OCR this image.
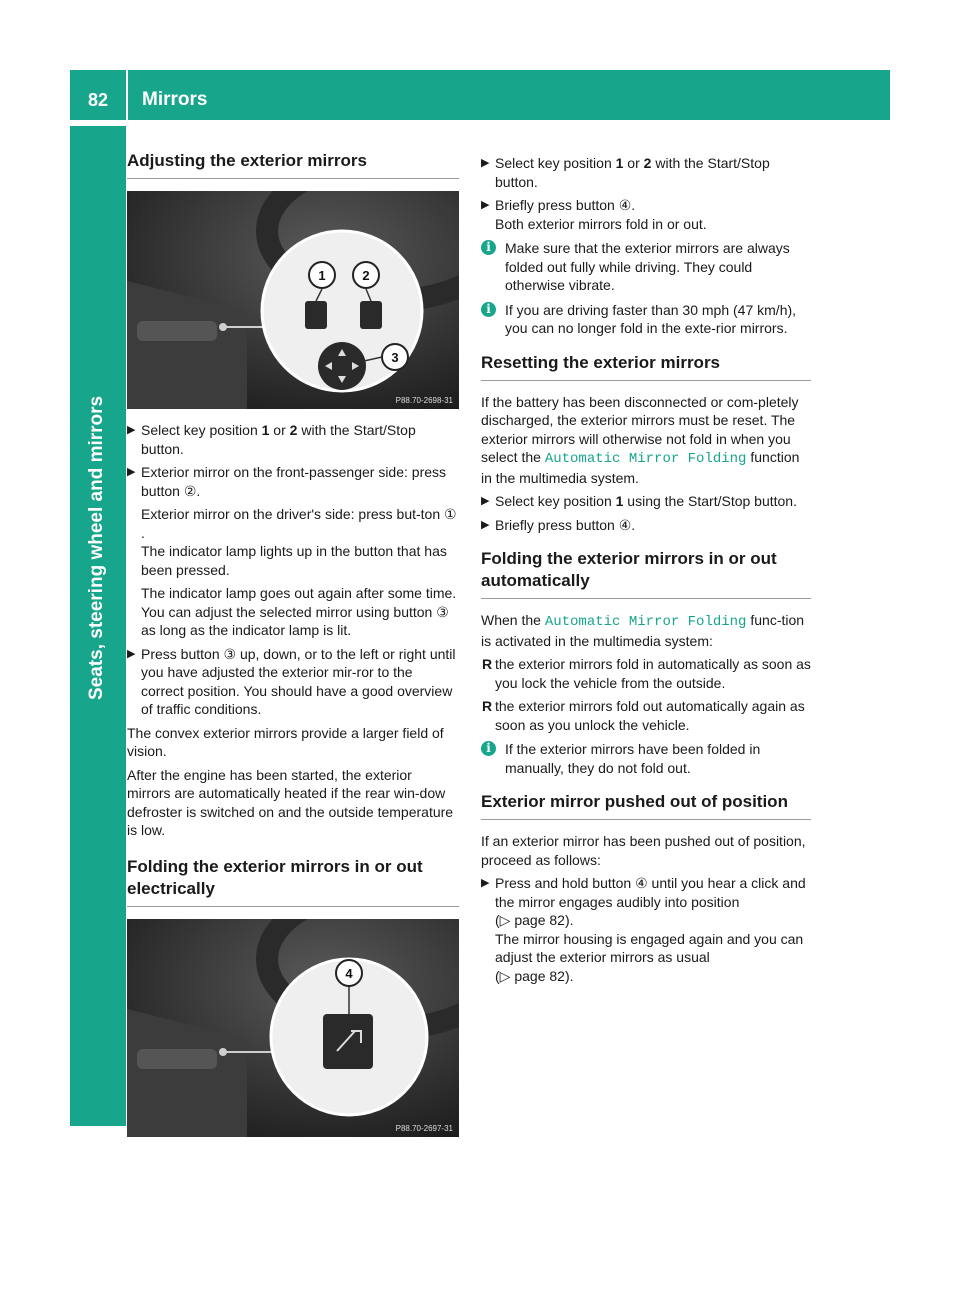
82	Mirrors
Seats, steering wheel and mirrors
Adjusting the exterior mirrors
1	2
3
P88.70-2698-31
▶ Select key position 1 or 2 with the Start/Stop button.
▶ Exterior mirror on the front-passenger side: press button ②.

Exterior mirror on the driver's side: press but-ton ①.
The indicator lamp lights up in the button that has been pressed.

The indicator lamp goes out again after some time. You can adjust the selected mirror using button ③ as long as the indicator lamp is lit.

▶ Press button ③ up, down, or to the left or right until you have adjusted the exterior mir-ror to the correct position. You should have a good overview of traffic conditions.

The convex exterior mirrors provide a larger field of vision.

After the engine has been started, the exterior mirrors are automatically heated if the rear win-dow defroster is switched on and the outside temperature is low.

Folding the exterior mirrors in or out
electrically
4
P88.70-2697-31
▶ Select key position 1 or 2 with the Start/Stop button.
▶ Briefly press button ④.
Both exterior mirrors fold in or out.
i	Make sure that the exterior mirrors are always folded out fully while driving. They could otherwise vibrate.
i	If you are driving faster than 30 mph (47 km/h), you can no longer fold in the exte-rior mirrors.
Resetting the exterior mirrors

If the battery has been disconnected or com-pletely discharged, the exterior mirrors must be reset. The exterior mirrors will otherwise not fold in when you select the Automatic Mirror Folding function in the multimedia system.

▶ Select key position 1 using the Start/Stop button.
▶ Briefly press button ④.
Folding the exterior mirrors in or out
automatically

When the Automatic Mirror Folding func-tion is activated in the multimedia system:

R the exterior mirrors fold in automatically as soon as you lock the vehicle from the outside.
R the exterior mirrors fold out automatically again as soon as you unlock the vehicle.
i	If the exterior mirrors have been folded in manually, they do not fold out.
Exterior mirror pushed out of position

If an exterior mirror has been pushed out of position, proceed as follows:

▶ Press and hold button ④ until you hear a click and the mirror engages audibly into position
(▷ page 82).
The mirror housing is engaged again and you can adjust the exterior mirrors as usual
(▷ page 82).
